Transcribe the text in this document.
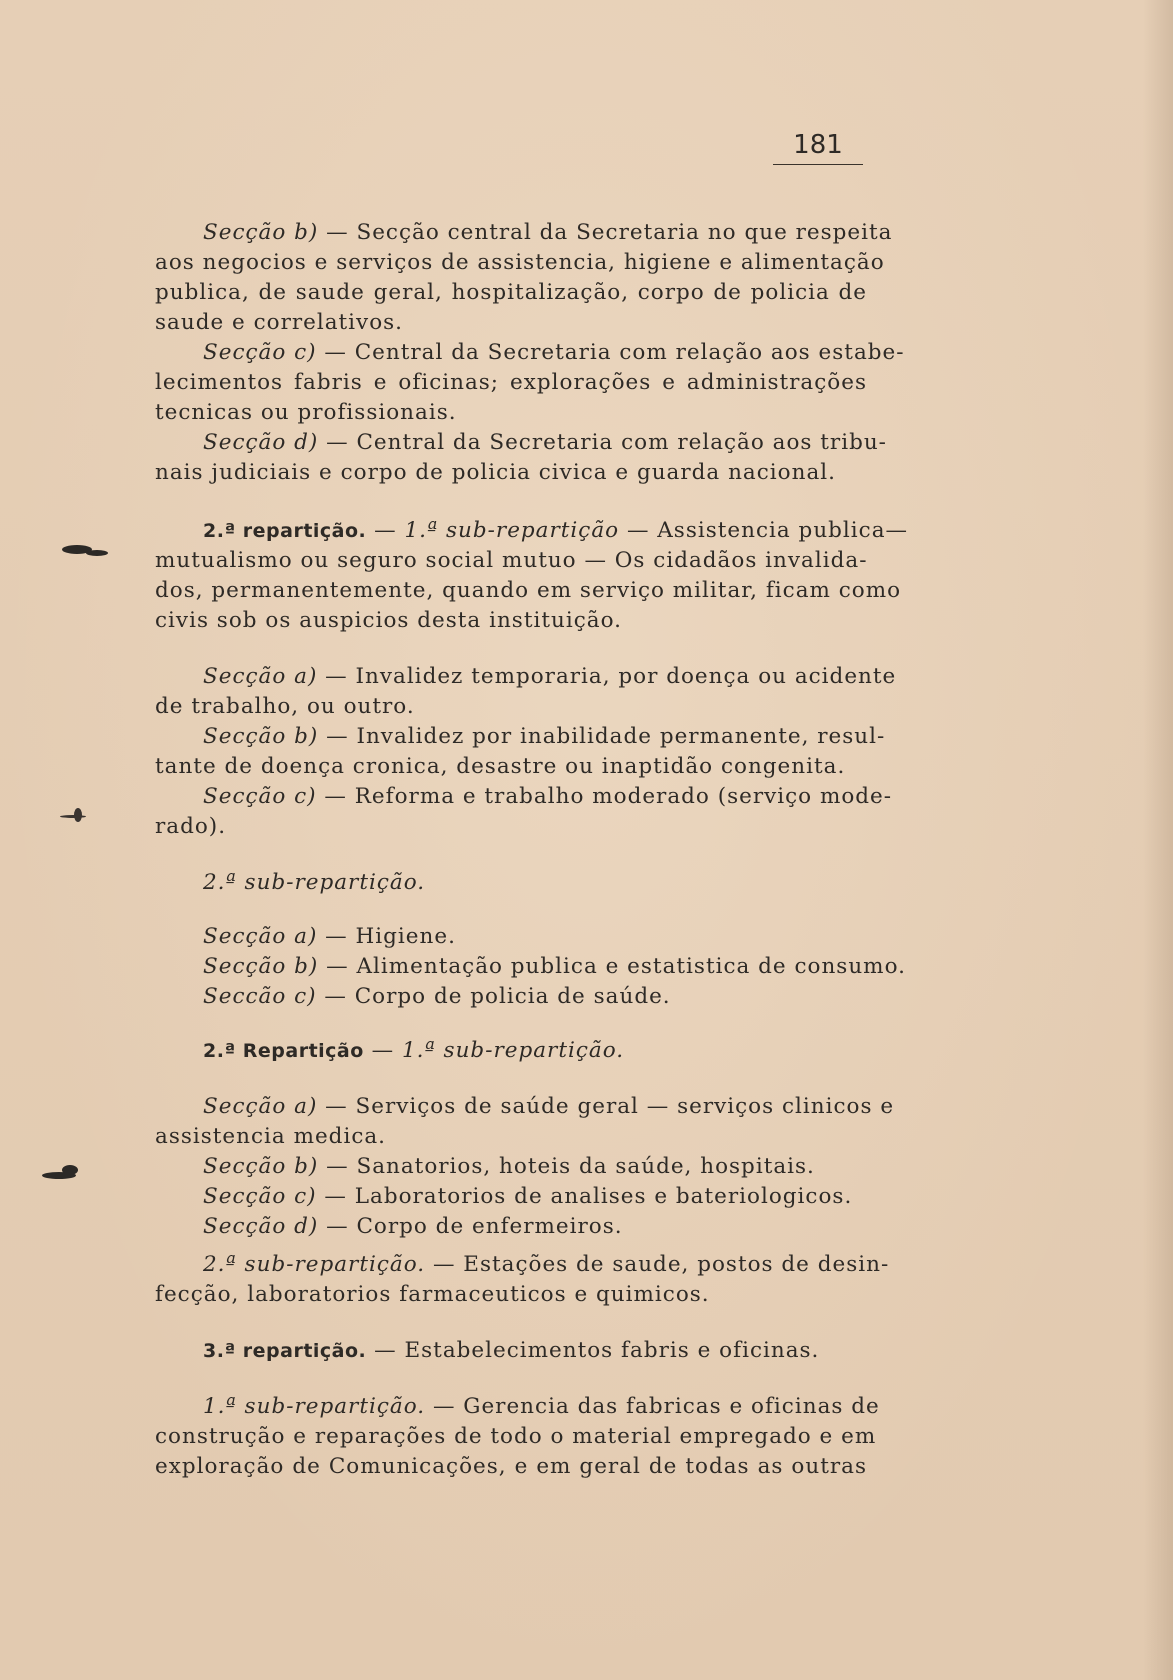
181
Secção b) — Secção central da Secretaria no que respeita
aos negocios e serviços de assistencia, higiene e alimentação
publica, de saude geral, hospitalização, corpo de policia de
saude e correlativos.
Secção c) — Central da Secretaria com relação aos estabe-
lecimentos fabris e oficinas; explorações e administrações
tecnicas ou profissionais.
Secção d) — Central da Secretaria com relação aos tribu-
nais judiciais e corpo de policia civica e guarda nacional.
2.ª repartição. — 1.ª sub-repartição — Assistencia publica—
mutualismo ou seguro social mutuo — Os cidadãos invalida-
dos, permanentemente, quando em serviço militar, ficam como
civis sob os auspicios desta instituição.
Secção a) — Invalidez temporaria, por doença ou acidente
de trabalho, ou outro.
Secção b) — Invalidez por inabilidade permanente, resul-
tante de doença cronica, desastre ou inaptidão congenita.
Secção c) — Reforma e trabalho moderado (serviço mode-
rado).
2.ª sub-repartição.
Secção a) — Higiene.
Secção b) — Alimentação publica e estatistica de consumo.
Seccão c) — Corpo de policia de saúde.
2.ª Repartição — 1.ª sub-repartição.
Secção a) — Serviços de saúde geral — serviços clinicos e
assistencia medica.
Secção b) — Sanatorios, hoteis da saúde, hospitais.
Secção c) — Laboratorios de analises e bateriologicos.
Secção d) — Corpo de enfermeiros.
2.ª sub-repartição. — Estações de saude, postos de desin-
fecção, laboratorios farmaceuticos e quimicos.
3.ª repartição. — Estabelecimentos fabris e oficinas.
1.ª sub-repartição. — Gerencia das fabricas e oficinas de
construção e reparações de todo o material empregado e em
exploração de Comunicações, e em geral de todas as outras
